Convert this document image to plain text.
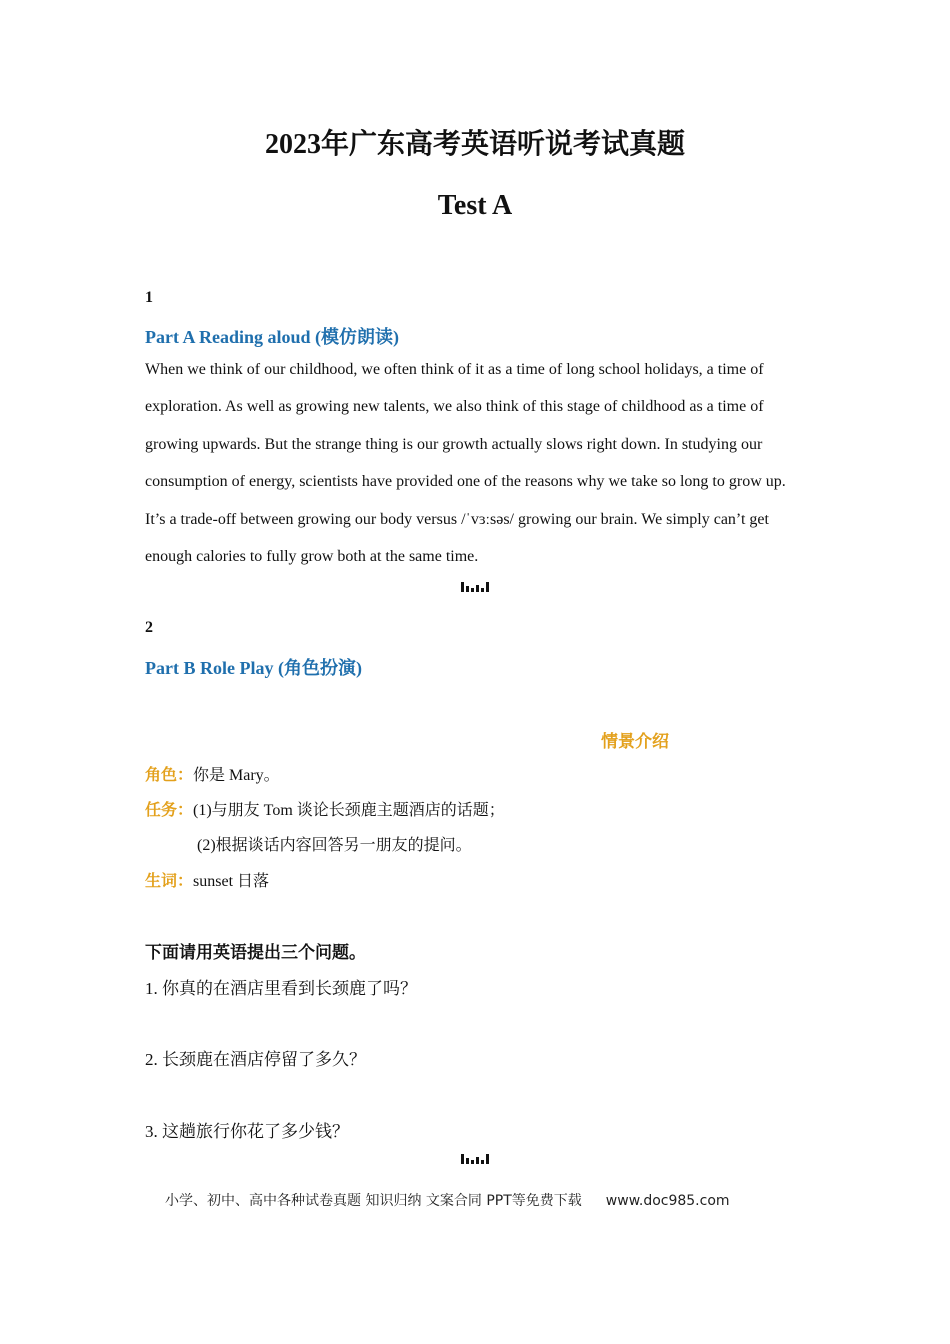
2023年广东高考英语听说考试真题
Test A
1
Part A Reading aloud (模仿朗读)

When we think of our childhood, we often think of it as a time of long school holidays, a time of exploration. As well as growing new talents, we also think of this stage of childhood as a time of growing upwards. But the strange thing is our growth actually slows right down. In studying our consumption of energy, scientists have provided one of the reasons why we take so long to grow up. It’s a trade-off between growing our body versus /ˈvɜːsəs/ growing our brain. We simply can’t get enough calories to fully grow both at the same time.

2
Part B Role Play (角色扮演)
情景介绍
角色：你是 Mary。
任务：(1)与朋友 Tom 谈论长颈鹿主题酒店的话题；
(2)根据谈话内容回答另一朋友的提问。
生词：sunset 日落
下面请用英语提出三个问题。
1. 你真的在酒店里看到长颈鹿了吗？
2. 长颈鹿在酒店停留了多久？
3. 这趟旅行你花了多少钱？
小学、初中、高中各种试卷真题 知识归纳 文案合同 PPT等免费下载 www.doc985.com
